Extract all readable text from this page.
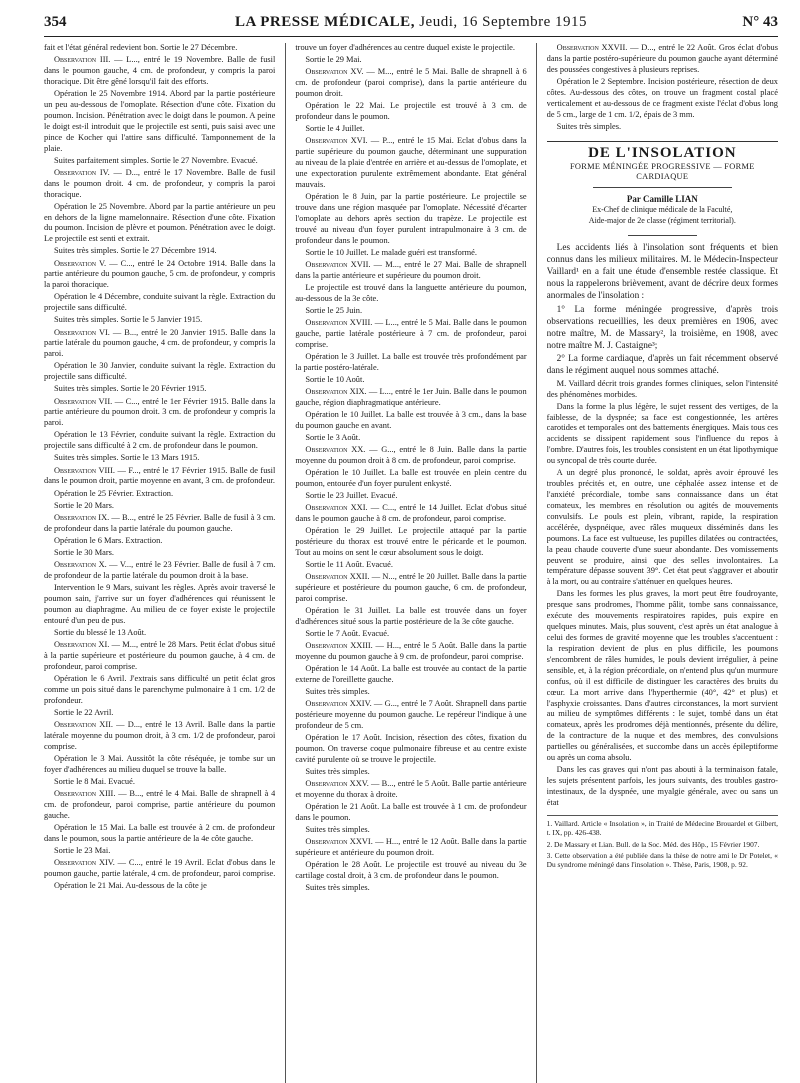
354	LA PRESSE MÉDICALE, Jeudi, 16 Septembre 1915	N° 43

fait et l'état général redevient bon. Sortie le 27 Décembre.

Observation III. — L..., entré le 19 Novembre. Balle de fusil dans le poumon gauche, 4 cm. de profondeur, y compris la paroi thoracique. Dit être gêné lorsqu'il fait des efforts.

Opération le 25 Novembre 1914. Abord par la partie postérieure un peu au-dessous de l'omoplate. Résection d'une côte. Fixation du poumon. Incision. Pénétration avec le doigt dans le poumon. A peine le doigt est-il introduit que le projectile est senti, puis saisi avec une pince de Kocher qui l'attire sans difficulté. Tamponnement de la plaie.

Suites parfaitement simples. Sortie le 27 Novembre. Evacué.

Observation IV. — D..., entré le 17 Novembre. Balle de fusil dans le poumon droit. 4 cm. de profondeur, y compris la paroi thoracique.

Opération le 25 Novembre. Abord par la partie antérieure un peu en dehors de la ligne mamelonnaire. Résection d'une côte. Fixation du poumon. Incision de plèvre et poumon. Pénétration avec le doigt. Le projectile est senti et extrait.

Suites très simples. Sortie le 27 Décembre 1914.

Observation V. — C..., entré le 24 Octobre 1914. Balle dans la partie antérieure du poumon gauche, 5 cm. de profondeur, y compris la paroi thoracique.

Opération le 4 Décembre, conduite suivant la règle. Extraction du projectile sans difficulté.

Suites très simples. Sortie le 5 Janvier 1915.

Observation VI. — B..., entré le 20 Janvier 1915. Balle dans la partie latérale du poumon gauche, 4 cm. de profondeur, y compris la paroi.

Opération le 30 Janvier, conduite suivant la règle. Extraction du projectile sans difficulté.

Suites très simples. Sortie le 20 Février 1915.

Observation VII. — C..., entré le 1er Février 1915. Balle dans la partie antérieure du poumon droit. 3 cm. de profondeur y compris la paroi.

Opération le 13 Février, conduite suivant la règle. Extraction du projectile sans difficulté à 2 cm. de profondeur dans le poumon.

Suites très simples. Sortie le 13 Mars 1915.

Observation VIII. — F..., entré le 17 Février 1915. Balle de fusil dans le poumon droit, partie moyenne en avant, 3 cm. de profondeur.

Opération le 25 Février. Extraction.

Sortie le 20 Mars.

Observation IX. — B..., entré le 25 Février. Balle de fusil à 3 cm. de profondeur dans la partie latérale du poumon gauche.

Opération le 6 Mars. Extraction.

Sortie le 30 Mars.

Observation X. — V..., entré le 23 Février. Balle de fusil à 7 cm. de profondeur de la partie latérale du poumon droit à la base.

Intervention le 9 Mars, suivant les règles. Après avoir traversé le poumon sain, j'arrive sur un foyer d'adhérences qui réunissent le poumon au diaphragme. Au milieu de ce foyer existe le projectile entouré d'un peu de pus.

Sortie du blessé le 13 Août.

Observation XI. — M..., entré le 28 Mars. Petit éclat d'obus situé à la partie supérieure et postérieure du poumon gauche, à 4 cm. de profondeur, paroi comprise.

Opération le 6 Avril. J'extrais sans difficulté un petit éclat gros comme un pois situé dans le parenchyme pulmonaire à 1 cm. 1/2 de profondeur.

Sortie le 22 Avril.

Observation XII. — D..., entré le 13 Avril. Balle dans la partie latérale moyenne du poumon droit, à 3 cm. 1/2 de profondeur, paroi comprise.

Opération le 3 Mai. Aussitôt la côte réséquée, je tombe sur un foyer d'adhérences au milieu duquel se trouve la balle.

Sortie le 8 Mai. Evacué.

Observation XIII. — B..., entré le 4 Mai. Balle de shrapnell à 4 cm. de profondeur, paroi comprise, partie antérieure du poumon gauche.

Opération le 15 Mai. La balle est trouvée à 2 cm. de profondeur dans le poumon, sous la partie antérieure de la 4e côte gauche.

Sortie le 23 Mai.

Observation XIV. — C..., entré le 19 Avril. Eclat d'obus dans le poumon gauche, partie latérale, 4 cm. de profondeur, paroi comprise.

Opération le 21 Mai. Au-dessous de la côte je

trouve un foyer d'adhérences au centre duquel existe le projectile.

Sortie le 29 Mai.

Observation XV. — M..., entré le 5 Mai. Balle de shrapnell à 6 cm. de profondeur (paroi comprise), dans la partie antérieure du poumon droit.

Opération le 22 Mai. Le projectile est trouvé à 3 cm. de profondeur dans le poumon.

Sortie le 4 Juillet.

Observation XVI. — P..., entré le 15 Mai. Eclat d'obus dans la partie supérieure du poumon gauche, déterminant une suppuration au niveau de la plaie d'entrée en arrière et au-dessus de l'omoplate, et une expectoration purulente extrêmement abondante. Etat général mauvais.

Opération le 8 Juin, par la partie postérieure. Le projectile se trouve dans une région masquée par l'omoplate. Nécessité d'écarter l'omoplate au dehors après section du trapèze. Le projectile est trouvé au niveau d'un foyer purulent intrapulmonaire à 3 cm. de profondeur dans le poumon.

Sortie le 10 Juillet. Le malade guéri est transformé.

Observation XVII. — M..., entré le 27 Mai. Balle de shrapnell dans la partie antérieure et supérieure du poumon droit.

Le projectile est trouvé dans la languette antérieure du poumon, au-dessous de la 3e côte.

Sortie le 25 Juin.

Observation XVIII. — L..., entré le 5 Mai. Balle dans le poumon gauche, partie latérale postérieure à 7 cm. de profondeur, paroi comprise.

Opération le 3 Juillet. La balle est trouvée très profondément par la partie postéro-latérale.

Sortie le 10 Août.

Observation XIX. — L..., entré le 1er Juin. Balle dans le poumon gauche, région diaphragmatique antérieure.

Opération le 10 Juillet. La balle est trouvée à 3 cm., dans la base du poumon gauche en avant.

Sortie le 3 Août.

Observation XX. — G..., entré le 8 Juin. Balle dans la partie moyenne du poumon droit à 8 cm. de profondeur, paroi comprise.

Opération le 10 Juillet. La balle est trouvée en plein centre du poumon, entourée d'un foyer purulent enkysté.

Sortie le 23 Juillet. Evacué.

Observation XXI. — C..., entré le 14 Juillet. Eclat d'obus situé dans le poumon gauche à 8 cm. de profondeur, paroi comprise.

Opération le 29 Juillet. Le projectile attaqué par la partie postérieure du thorax est trouvé entre le péricarde et le poumon. Tout au moins on sent le cœur absolument sous le doigt.

Sortie le 11 Août. Evacué.

Observation XXII. — N..., entré le 20 Juillet. Balle dans la partie supérieure et postérieure du poumon gauche, 6 cm. de profondeur, paroi comprise.

Opération le 31 Juillet. La balle est trouvée dans un foyer d'adhérences situé sous la partie postérieure de la 3e côte gauche.

Sortie le 7 Août. Evacué.

Observation XXIII. — H..., entré le 5 Août. Balle dans la partie moyenne du poumon gauche à 9 cm. de profondeur, paroi comprise.

Opération le 14 Août. La balle est trouvée au contact de la partie externe de l'oreillette gauche.

Suites très simples.

Observation XXIV. — G..., entré le 7 Août. Shrapnell dans partie postérieure moyenne du poumon gauche. Le repéreur l'indique à une profondeur de 5 cm.

Opération le 17 Août. Incision, résection des côtes, fixation du poumon. On traverse coque pulmonaire fibreuse et au centre existe cavité purulente où se trouve le projectile.

Suites très simples.

Observation XXV. — B..., entré le 5 Août. Balle partie antérieure et moyenne du thorax à droite.

Opération le 21 Août. La balle est trouvée à 1 cm. de profondeur dans le poumon.

Suites très simples.

Observation XXVI. — H..., entré le 12 Août. Balle dans la partie supérieure et antérieure du poumon droit.

Opération le 28 Août. Le projectile est trouvé au niveau du 3e cartilage costal droit, à 3 cm. de profondeur dans le poumon.

Suites très simples.

Observation XXVII. — D..., entré le 22 Août. Gros éclat d'obus dans la partie postéro-supérieure du poumon gauche ayant déterminé des poussées congestives à plusieurs reprises.

Opération le 2 Septembre. Incision postérieure, résection de deux côtes. Au-dessous des côtes, on trouve un fragment costal placé verticalement et au-dessous de ce fragment existe l'éclat d'obus long de 5 cm., large de 1 cm. 1/2, épais de 3 mm.

Suites très simples.

DE L'INSOLATION
FORME MÉNINGÉE PROGRESSIVE — FORME CARDIAQUE
Par Camille LIAN
Ex-Chef de clinique médicale de la Faculté,
Aide-major de 2e classe (régiment territorial).

Les accidents liés à l'insolation sont fréquents et bien connus dans les milieux militaires. M. le Médecin-Inspecteur Vaillard¹ en a fait une étude d'ensemble restée classique. Et nous la rappelerons brièvement, avant de décrire deux formes anormales de l'insolation :

1° La forme méningée progressive, d'après trois observations recueillies, les deux premières en 1906, avec notre maître, M. de Massary², la troisième, en 1908, avec notre maître M. J. Castaigne³;

2° La forme cardiaque, d'après un fait récemment observé dans le régiment auquel nous sommes attaché.

M. Vaillard décrit trois grandes formes cliniques, selon l'intensité des phénomènes morbides.

Dans la forme la plus légère, le sujet ressent des vertiges, de la faiblesse, de la dyspnée; sa face est congestionnée, les artères carotides et temporales ont des battements énergiques. Mais tous ces accidents se dissipent rapidement sous l'influence du repos à l'ombre. D'autres fois, les troubles consistent en un état lipothymique ou syncopal de très courte durée.

A un degré plus prononcé, le soldat, après avoir éprouvé les troubles précités et, en outre, une céphalée assez intense et de l'anxiété précordiale, tombe sans connaissance dans un état comateux, les membres en résolution ou agités de mouvements convulsifs. Le pouls est plein, vibrant, rapide, la respiration accélérée, dyspnéique, avec râles muqueux disséminés dans les poumons. La face est vultueuse, les pupilles dilatées ou contractées, la peau chaude couverte d'une sueur abondante. Des vomissements peuvent se produire, ainsi que des selles involontaires. La température dépasse souvent 39°. Cet état peut s'aggraver et aboutir à la mort, ou au contraire s'atténuer en quelques heures.

Dans les formes les plus graves, la mort peut être foudroyante, presque sans prodromes, l'homme pâlit, tombe sans connaissance, exécute des mouvements respiratoires rapides, puis expire en quelques minutes. Mais, plus souvent, c'est après un état analogue à celui des formes de gravité moyenne que les troubles s'accentuent : la respiration devient de plus en plus difficile, les poumons s'encombrent de râles humides, le pouls devient irrégulier, à peine sensible, et, à la région précordiale, on n'entend plus qu'un murmure confus, où il est difficile de distinguer les caractères des bruits du cœur. La mort arrive dans l'hyperthermie (40°, 42° et plus) et l'asphyxie croissantes. Dans d'autres circonstances, la mort survient au milieu de symptômes différents : le sujet, tombé dans un état comateux, après les prodromes déjà mentionnés, présente du délire, de la contracture de la nuque et des membres, des convulsions partielles ou généralisées, et succombe dans un accès épileptiforme ou après un coma absolu.

Dans les cas graves qui n'ont pas abouti à la terminaison fatale, les sujets présentent parfois, les jours suivants, des troubles gastro-intestinaux, de la dyspnée, une myalgie générale, avec ou sans un état

1. Vaillard. Article « Insolation », in Traité de Médecine Brouardel et Gilbert, t. IX, pp. 426-438.

2. De Massary et Lian. Bull. de la Soc. Méd. des Hôp., 15 Février 1907.

3. Cette observation a été publiée dans la thèse de notre ami le Dr Potelet, « Du syndrome méningé dans l'insolation ». Thèse, Paris, 1908, p. 92.
